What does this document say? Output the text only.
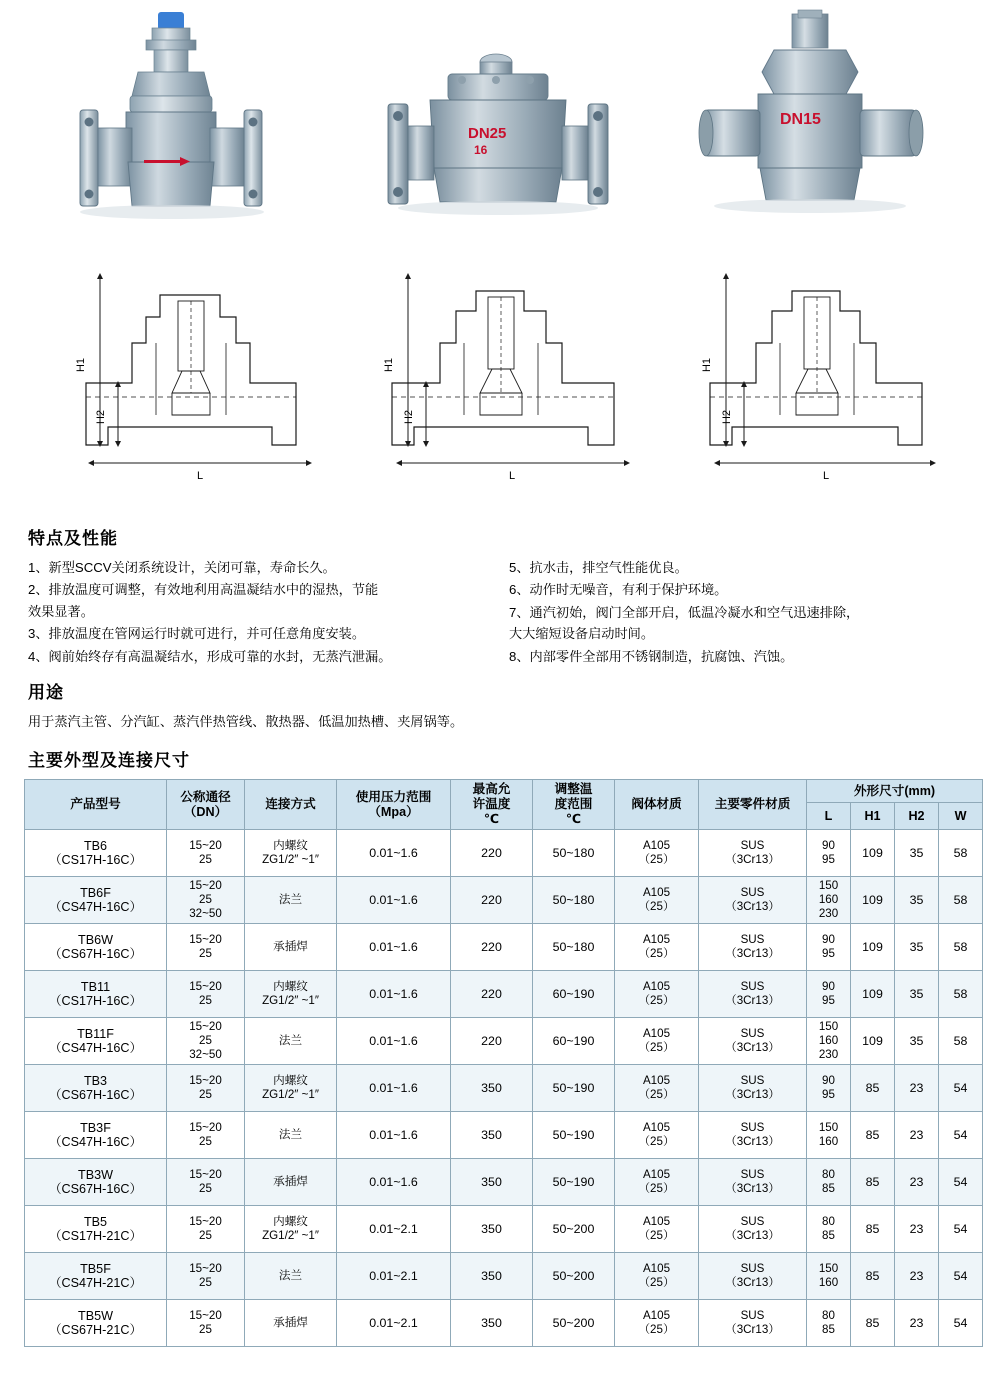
DN25
16
DN15
H1
H2
L
H1
H2
L
H1
H2
L
特点及性能
1、新型SCCV关闭系统设计，关闭可靠，寿命长久。
2、排放温度可调整，有效地利用高温凝结水中的湿热，节能
效果显著。
3、排放温度在管网运行时就可进行，并可任意角度安装。
4、阀前始终存有高温凝结水，形成可靠的水封，无蒸汽泄漏。
5、抗水击，排空气性能优良。
6、动作时无噪音，有利于保护环境。
7、通汽初始，阀门全部开启，低温冷凝水和空气迅速排除，
大大缩短设备启动时间。
8、内部零件全部用不锈钢制造，抗腐蚀、汽蚀。
用途
用于蒸汽主管、分汽缸、蒸汽伴热管线、散热器、低温加热槽、夹屑锅等。
主要外型及连接尺寸
产品型号	公称通径
（DN）	连接方式	使用压力范围
（Mpa）	最高允
许温度
℃	调整温
度范围
℃	阀体材质	主要零件材质	外形尺寸(mm)			
								L	H1	H2	W

TB6
（CS17H-16C）	15~20
25	内螺纹
ZG1/2″ ~1″	0.01~1.6	220	50~180	A105
（25）	SUS
（3Cr13）	90
95	109	35	58

TB6F
（CS47H-16C）	15~20
25
32~50	法兰	0.01~1.6	220	50~180	A105
（25）	SUS
（3Cr13）	150
160
230	109	35	58

TB6W
（CS67H-16C）	15~20
25	承插焊	0.01~1.6	220	50~180	A105
（25）	SUS
（3Cr13）	90
95	109	35	58

TB11
（CS17H-16C）	15~20
25	内螺纹
ZG1/2″ ~1″	0.01~1.6	220	60~190	A105
（25）	SUS
（3Cr13）	90
95	109	35	58

TB11F
（CS47H-16C）	15~20
25
32~50	法兰	0.01~1.6	220	60~190	A105
（25）	SUS
（3Cr13）	150
160
230	109	35	58

TB3
（CS67H-16C）	15~20
25	内螺纹
ZG1/2″ ~1″	0.01~1.6	350	50~190	A105
（25）	SUS
（3Cr13）	90
95	85	23	54

TB3F
（CS47H-16C）	15~20
25	法兰	0.01~1.6	350	50~190	A105
（25）	SUS
（3Cr13）	150
160	85	23	54

TB3W
（CS67H-16C）	15~20
25	承插焊	0.01~1.6	350	50~190	A105
（25）	SUS
（3Cr13）	80
85	85	23	54

TB5
（CS17H-21C）	15~20
25	内螺纹
ZG1/2″ ~1″	0.01~2.1	350	50~200	A105
（25）	SUS
（3Cr13）	80
85	85	23	54

TB5F
（CS47H-21C）	15~20
25	法兰	0.01~2.1	350	50~200	A105
（25）	SUS
（3Cr13）	150
160	85	23	54

TB5W
（CS67H-21C）	15~20
25	承插焊	0.01~2.1	350	50~200	A105
（25）	SUS
（3Cr13）	80
85	85	23	54
